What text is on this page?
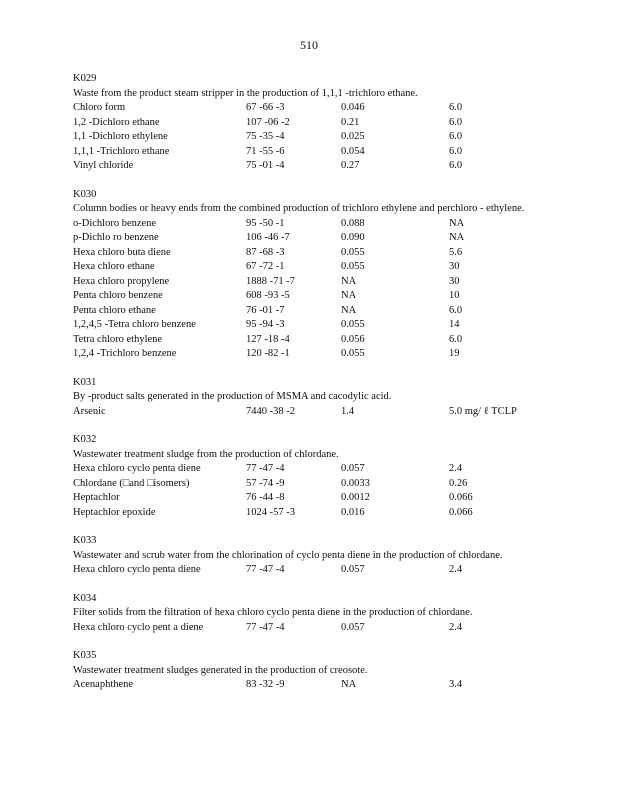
510
K029
Waste from the product steam stripper in the production of 1,1,1 -trichloro ethane.
Chloro form	67 -66 -3	0.046	6.0
1,2 -Dichloro ethane	107 -06 -2	0.21	6.0
1,1 -Dichloro ethylene	75 -35 -4	0.025	6.0
1,1,1 -Trichloro ethane	71 -55 -6	0.054	6.0
Vinyl chloride	75 -01 -4	0.27	6.0
K030
Column bodies or heavy ends from the combined production of trichloro ethylene and perchloro - ethylene.
o-Dichloro benzene	95 -50 -1	0.088	NA
p-Dichlo ro benzene	106 -46 -7	0.090	NA
Hexa chloro buta diene	87 -68 -3	0.055	5.6
Hexa chloro ethane	67 -72 -1	0.055	30
Hexa chloro propylene	1888 -71 -7	NA	30
Penta chloro benzene	608 -93 -5	NA	10
Penta chloro ethane	76 -01 -7	NA	6.0
1,2,4,5 -Tetra chloro benzene	95 -94 -3	0.055	14
Tetra chloro ethylene	127 -18 -4	0.056	6.0
1,2,4 -Trichloro benzene	120 -82 -1	0.055	19
K031
By -product salts generated in the production of MSMA and cacodylic acid.
Arsenic	7440 -38 -2	1.4	5.0 mg/ ℓ TCLP
K032
Wastewater treatment sludge from the production of chlordane.
Hexa chloro cyclo penta diene	77 -47 -4	0.057	2.4
Chlordane (□and □isomers)	57 -74 -9	0.0033	0.26
Heptachlor	76 -44 -8	0.0012	0.066
Heptachlor epoxide	1024 -57 -3	0.016	0.066
K033
Wastewater and scrub water from the chlorination of cyclo penta diene in the production of chlordane.
Hexa chloro cyclo penta diene	77 -47 -4	0.057	2.4
K034
Filter solids from the filtration of hexa chloro cyclo penta diene in the production of chlordane.
Hexa chloro cyclo pent a diene	77 -47 -4	0.057	2.4
K035
Wastewater treatment sludges generated in the production of creosote.
Acenaphthene	83 -32 -9	NA	3.4
